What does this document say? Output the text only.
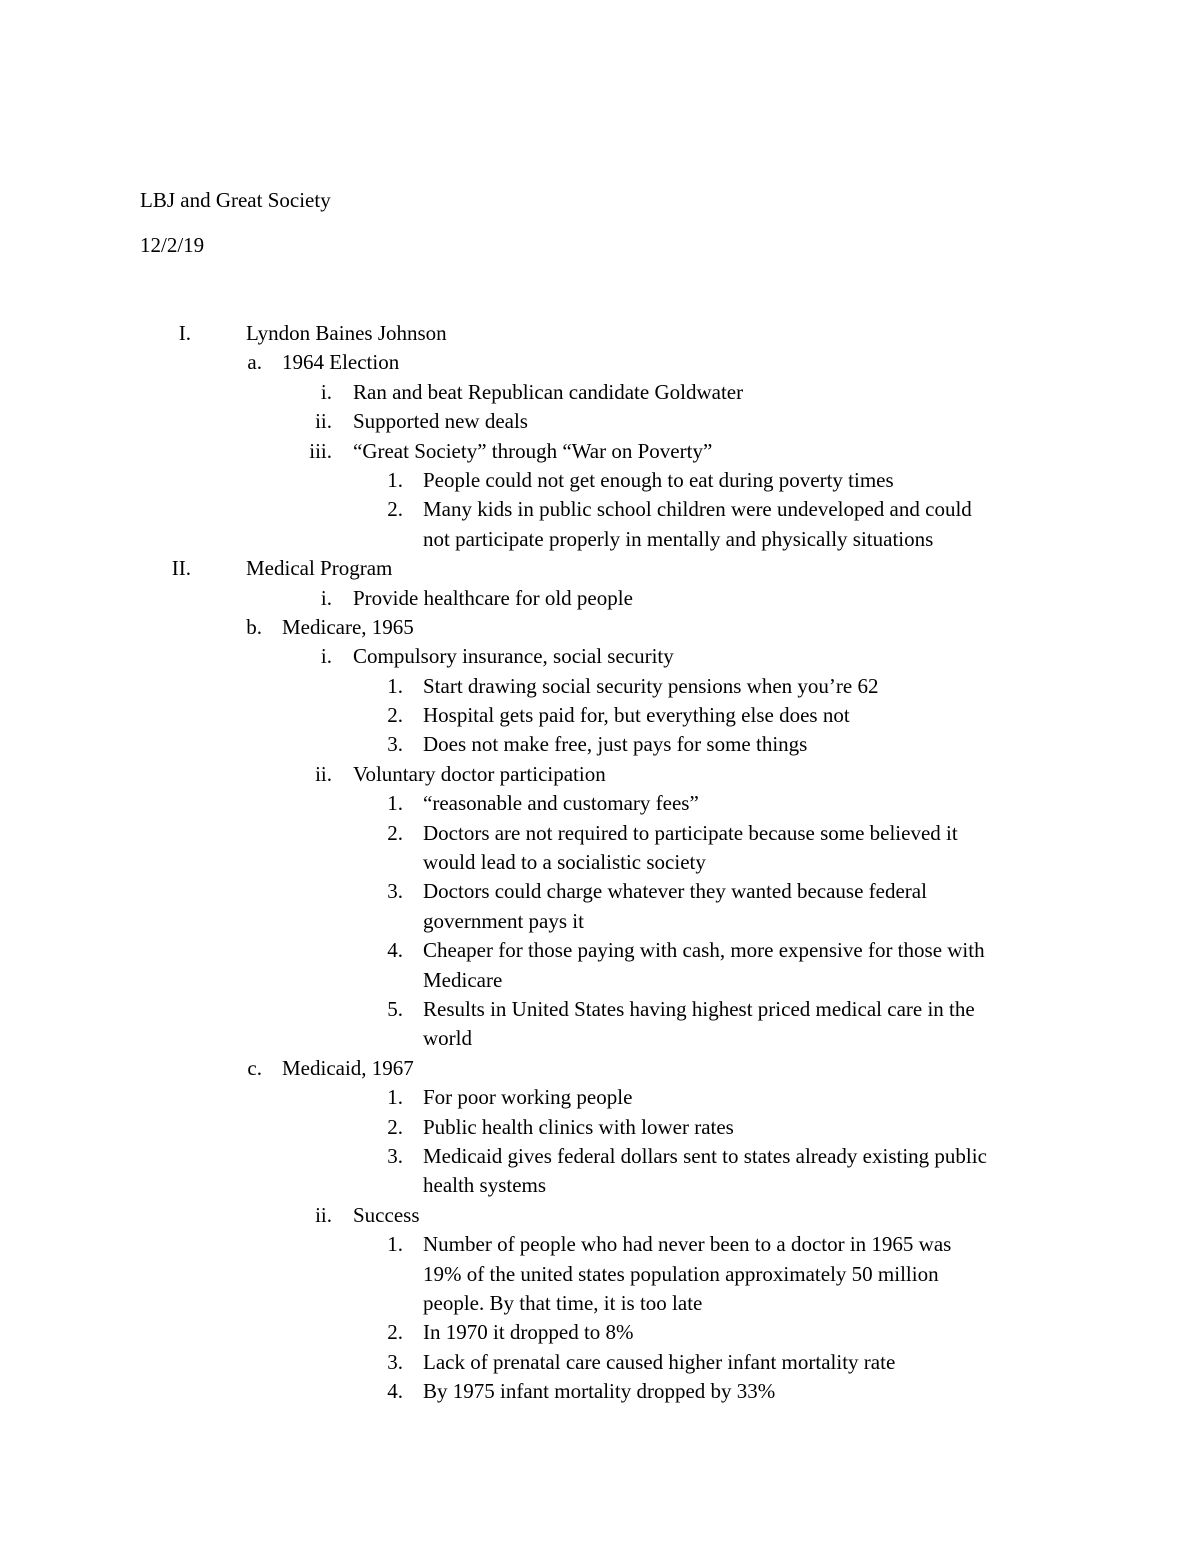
LBJ and Great Society
12/2/19
I.	Lyndon Baines Johnson
a. 1964 Election
i. Ran and beat Republican candidate Goldwater
ii. Supported new deals
iii. “Great Society” through “War on Poverty”
1. People could not get enough to eat during poverty times
2. Many kids in public school children were undeveloped and could
not participate properly in mentally and physically situations
II.	Medical Program
i. Provide healthcare for old people
b. Medicare, 1965
i. Compulsory insurance, social security
1. Start drawing social security pensions when you’re 62
2. Hospital gets paid for, but everything else does not
3. Does not make free, just pays for some things
ii. Voluntary doctor participation
1. “reasonable and customary fees”
2. Doctors are not required to participate because some believed it
would lead to a socialistic society
3. Doctors could charge whatever they wanted because federal
government pays it
4. Cheaper for those paying with cash, more expensive for those with
Medicare
5. Results in United States having highest priced medical care in the
world
c. Medicaid, 1967
1. For poor working people
2. Public health clinics with lower rates
3. Medicaid gives federal dollars sent to states already existing public
health systems
ii. Success
1. Number of people who had never been to a doctor in 1965 was
19% of the united states population approximately 50 million
people. By that time, it is too late
2. In 1970 it dropped to 8%
3. Lack of prenatal care caused higher infant mortality rate
4. By 1975 infant mortality dropped by 33%
